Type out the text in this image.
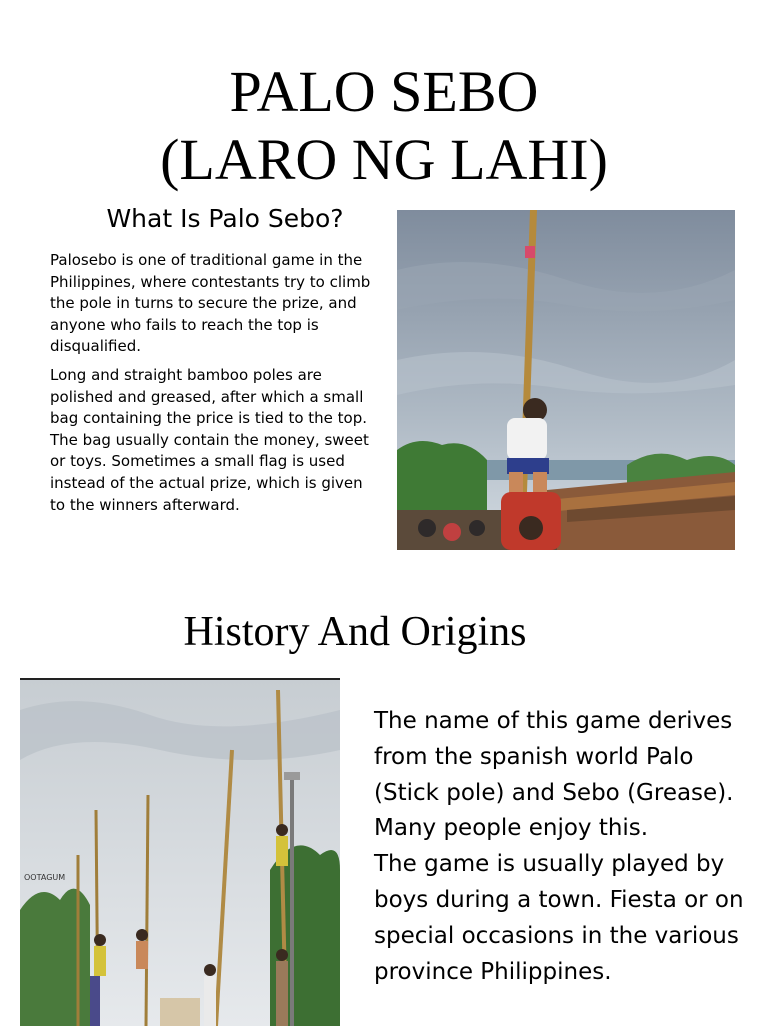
PALO SEBO
(LARO NG LAHI)
What Is Palo Sebo?

Palosebo is one of traditional game in the Philippines, where contestants try to climb the pole in turns to secure the prize, and anyone who fails to reach the top is disqualified.

Long and straight bamboo poles are polished and greased, after which a small bag containing the price is tied to the top. The bag usually contain the money, sweet or toys. Sometimes a small flag is used instead of the actual prize, which is given to the winners afterward.

History And Origins
OOTAGUM
The name of this game derives from the spanish world Palo (Stick pole) and Sebo (Grease). Many people enjoy this.
The game is usually played by boys during a town. Fiesta or on special occasions in the various province Philippines.
